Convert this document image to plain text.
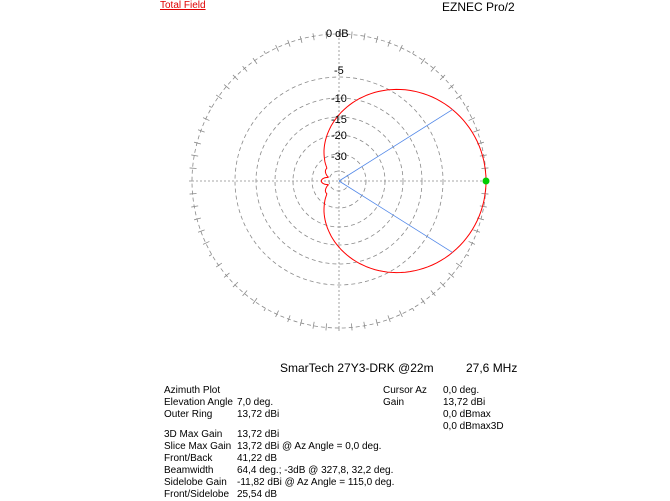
Total Field	EZNEC Pro/2
0 dB
-5
-10
-15
-20
-30
SmarTech 27Y3-DRK @22m	27,6 MHz
Azimuth Plot
Elevation Angle 7,0 deg.
Outer Ring 13,72 dBi
3D Max Gain 13,72 dBi
Slice Max Gain 13,72 dBi @ Az Angle = 0,0 deg.
Front/Back 41,22 dB
Beamwidth 64,4 deg.; -3dB @ 327,8, 32,2 deg.
Sidelobe Gain -11,82 dBi @ Az Angle = 115,0 deg.
Front/Sidelobe 25,54 dB
Cursor Az 0,0 deg.
Gain	13,72 dBi
0,0 dBmax
0,0 dBmax3D
